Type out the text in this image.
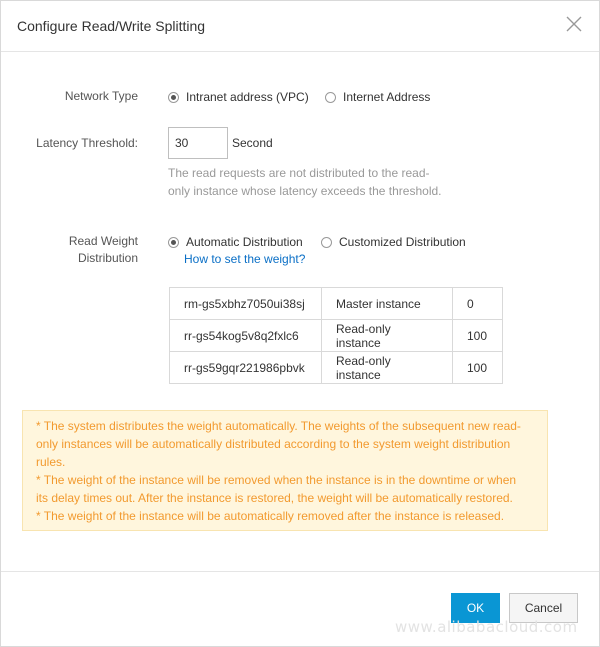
Configure Read/Write Splitting
Network Type	Intranet address (VPC)	Internet Address
Latency Threshold:
30	Second
The read requests are not distributed to the read-
only instance whose latency exceeds the threshold.
Read Weight
Distribution
Automatic Distribution	Customized Distribution
How to set the weight?
rm-gs5xbhz7050ui38sj	Master instance	0
rr-gs54kog5v8q2fxlc6	Read-only instance	100
rr-gs59gqr221986pbvk	Read-only instance	100

* The system distributes the weight automatically. The weights of the subsequent new read-

only instances will be automatically distributed according to the system weight distribution

rules.

* The weight of the instance will be removed when the instance is in the downtime or when

its delay times out. After the instance is restored, the weight will be automatically restored.

* The weight of the instance will be automatically removed after the instance is released.

OK	Cancel
www.alibabacloud.com
